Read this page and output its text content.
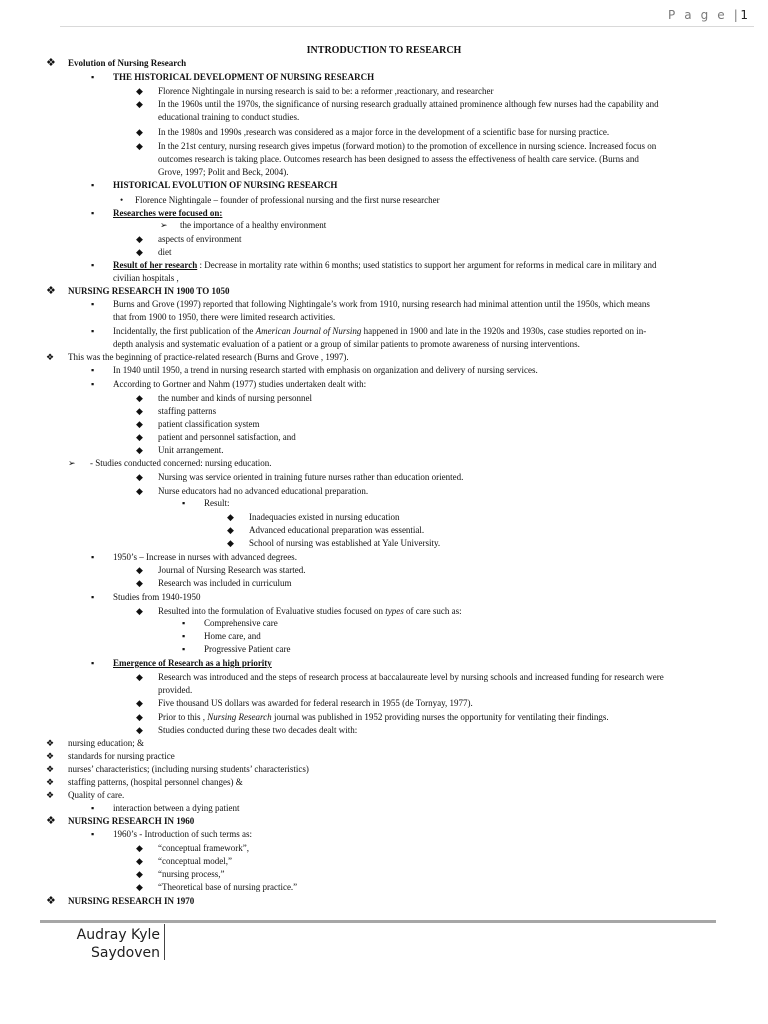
P a g e |1
INTRODUCTION TO RESEARCH
❖ Evolution of Nursing Research
▪ THE HISTORICAL DEVELOPMENT OF NURSING RESEARCH
◆ Florence Nightingale in nursing research is said to be: a reformer ,reactionary, and researcher
◆ In the 1960s until the 1970s, the significance of nursing research gradually attained prominence although few nurses had the capability and
educational training to conduct studies.
◆ In the 1980s and 1990s ,research was considered as a major force in the development of a scientific base for nursing practice.
◆ In the 21st century, nursing research gives impetus (forward motion) to the promotion of excellence in nursing science. Increased focus on
outcomes research is taking place. Outcomes research has been designed to assess the effectiveness of health care service. (Burns and
Grove, 1997; Polit and Beck, 2004).
▪ HISTORICAL EVOLUTION OF NURSING RESEARCH
• Florence Nightingale – founder of professional nursing and the first nurse researcher
▪ Researches were focused on:
➢ the importance of a healthy environment
◆ aspects of environment
◆ diet
▪ Result of her research : Decrease in mortality rate within 6 months; used statistics to support her argument for reforms in medical care in military and
civilian hospitals ,
❖ NURSING RESEARCH IN 1900 TO 1050
▪ Burns and Grove (1997) reported that following Nightingale’s work from 1910, nursing research had minimal attention until the 1950s, which means
that from 1900 to 1950, there were limited research activities.
▪ Incidentally, the first publication of the American Journal of Nursing happened in 1900 and late in the 1920s and 1930s, case studies reported on in-
depth analysis and systematic evaluation of a patient or a group of similar patients to promote awareness of nursing interventions.
❖ This was the beginning of practice-related research (Burns and Grove , 1997).
▪ In 1940 until 1950, a trend in nursing research started with emphasis on organization and delivery of nursing services.
▪ According to Gortner and Nahm (1977) studies undertaken dealt with:
◆ the number and kinds of nursing personnel
◆ staffing patterns
◆ patient classification system
◆ patient and personnel satisfaction, and
◆ Unit arrangement.
➢ - Studies conducted concerned: nursing education.
◆ Nursing was service oriented in training future nurses rather than education oriented.
◆ Nurse educators had no advanced educational preparation.
▪ Result:
◆ Inadequacies existed in nursing education
◆ Advanced educational preparation was essential.
◆ School of nursing was established at Yale University.
▪ 1950’s – Increase in nurses with advanced degrees.
◆ Journal of Nursing Research was started.
◆ Research was included in curriculum
▪ Studies from 1940-1950
◆ Resulted into the formulation of Evaluative studies focused on types of care such as:
▪ Comprehensive care
▪ Home care, and
▪ Progressive Patient care
▪ Emergence of Research as a high priority
◆ Research was introduced and the steps of research process at baccalaureate level by nursing schools and increased funding for research were
provided.
◆ Five thousand US dollars was awarded for federal research in 1955 (de Tornyay, 1977).
◆ Prior to this , Nursing Research journal was published in 1952 providing nurses the opportunity for ventilating their findings.
◆ Studies conducted during these two decades dealt with:
❖ nursing education; &
❖ standards for nursing practice
❖ nurses’ characteristics; (including nursing students’ characteristics)
❖ staffing patterns, (hospital personnel changes) &
❖ Quality of care.
▪ interaction between a dying patient
❖ NURSING RESEARCH IN 1960
▪ 1960’s - Introduction of such terms as:
◆ “conceptual framework”,
◆ “conceptual model,”
◆ “nursing process,”
◆ “Theoretical base of nursing practice.”
❖ NURSING RESEARCH IN 1970
Audray Kyle
Saydoven
